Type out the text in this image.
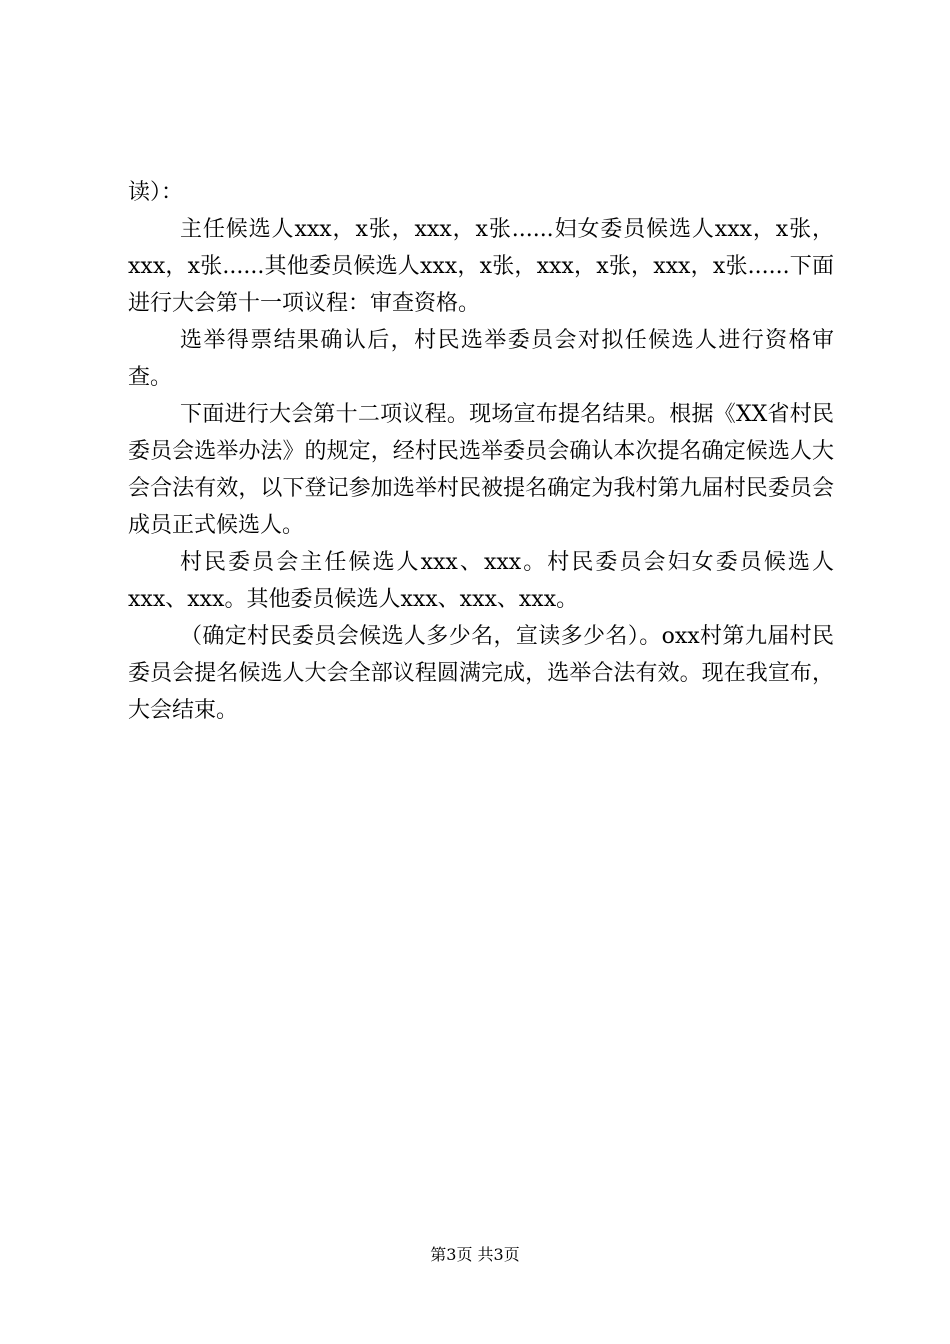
读）：

主任候选人xxx，x张，xxx，x张......妇女委员候选人xxx，x张，xxx，x张......其他委员候选人xxx，x张，xxx，x张，xxx，x张......下面进行大会第十一项议程：审查资格。

选举得票结果确认后，村民选举委员会对拟任候选人进行资格审查。

下面进行大会第十二项议程。现场宣布提名结果。根据《XX省村民委员会选举办法》的规定，经村民选举委员会确认本次提名确定候选人大会合法有效，以下登记参加选举村民被提名确定为我村第九届村民委员会成员正式候选人。

村民委员会主任候选人xxx、xxx。村民委员会妇女委员候选人xxx、xxx。其他委员候选人xxx、xxx、xxx。

（确定村民委员会候选人多少名，宣读多少名）。oxx村第九届村民委员会提名候选人大会全部议程圆满完成，选举合法有效。现在我宣布，大会结束。

第3页 共3页
